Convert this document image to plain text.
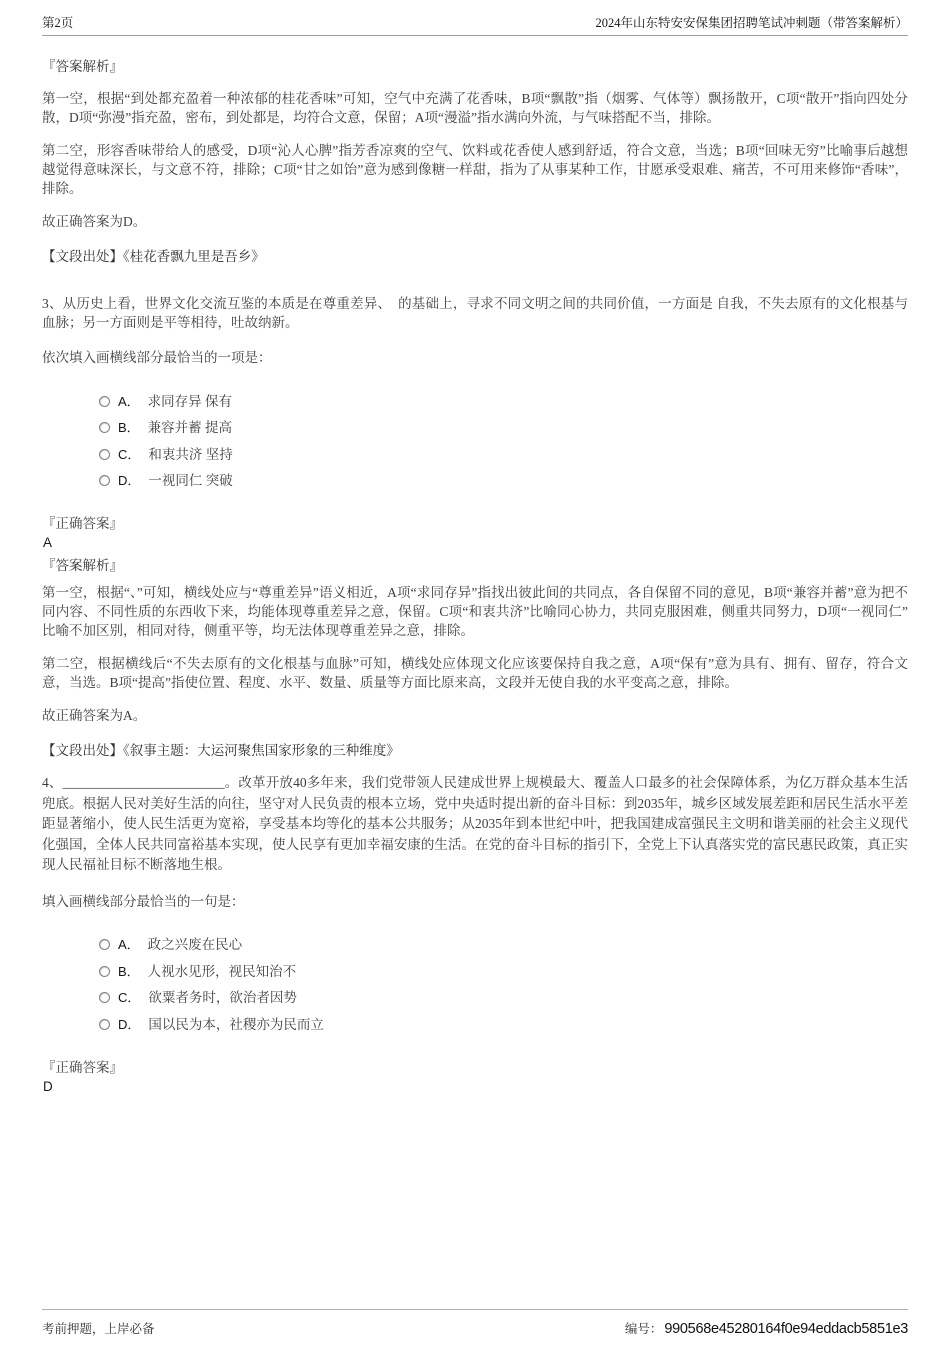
第2页	2024年山东特安安保集团招聘笔试冲刺题（带答案解析）

『答案解析』

第一空，根据“到处都充盈着一种浓郁的桂花香味”可知，空气中充满了花香味，B项“飘散”指（烟雾、气体等）飘扬散开，C项“散开”指向四处分散，D项“弥漫”指充盈，密布，到处都是，均符合文意，保留；A项“漫溢”指水满向外流，与气味搭配不当，排除。

第二空，形容香味带给人的感受，D项“沁人心脾”指芳香凉爽的空气、饮料或花香使人感到舒适，符合文意，当选；B项“回味无穷”比喻事后越想越觉得意味深长，与文意不符，排除；C项“甘之如饴”意为感到像糖一样甜，指为了从事某种工作，甘愿承受艰难、痛苦，不可用来修饰“香味”，排除。

故正确答案为D。

【文段出处】《桂花香飘九里是吾乡》

3、从历史上看，世界文化交流互鉴的本质是在尊重差异、　的基础上，寻求不同文明之间的共同价值，一方面是 自我，不失去原有的文化根基与血脉；另一方面则是平等相待，吐故纳新。

依次填入画横线部分最恰当的一项是：

A． 求同存异 保有
B． 兼容并蓄 提高
C． 和衷共济 坚持
D． 一视同仁 突破

『正确答案』

A

『答案解析』

第一空，根据“、”可知，横线处应与“尊重差异”语义相近，A项“求同存异”指找出彼此间的共同点，各自保留不同的意见，B项“兼容并蓄”意为把不同内容、不同性质的东西收下来，均能体现尊重差异之意，保留。C项“和衷共济”比喻同心协力，共同克服困难，侧重共同努力，D项“一视同仁”比喻不加区别，相同对待，侧重平等，均无法体现尊重差异之意，排除。

第二空，根据横线后“不失去原有的文化根基与血脉”可知，横线处应体现文化应该要保持自我之意，A项“保有”意为具有、拥有、留存，符合文意，当选。B项“提高”指使位置、程度、水平、数量、质量等方面比原来高，文段并无使自我的水平变高之意，排除。

故正确答案为A。

【文段出处】《叙事主题：大运河聚焦国家形象的三种维度》

4、________________________。改革开放40多年来，我们党带领人民建成世界上规模最大、覆盖人口最多的社会保障体系，为亿万群众基本生活兜底。根据人民对美好生活的向往，坚守对人民负责的根本立场，党中央适时提出新的奋斗目标：到2035年，城乡区域发展差距和居民生活水平差距显著缩小，使人民生活更为宽裕，享受基本均等化的基本公共服务；从2035年到本世纪中叶，把我国建成富强民主文明和谐美丽的社会主义现代化强国，全体人民共同富裕基本实现，使人民享有更加幸福安康的生活。在党的奋斗目标的指引下，全党上下认真落实党的富民惠民政策，真正实现人民福祉目标不断落地生根。

填入画横线部分最恰当的一句是：

A． 政之兴废在民心
B． 人视水见形，视民知治不
C． 欲粟者务时，欲治者因势
D． 国以民为本，社稷亦为民而立

『正确答案』

D

考前押题，上岸必备	编号： 990568e45280164f0e94eddacb5851e3
